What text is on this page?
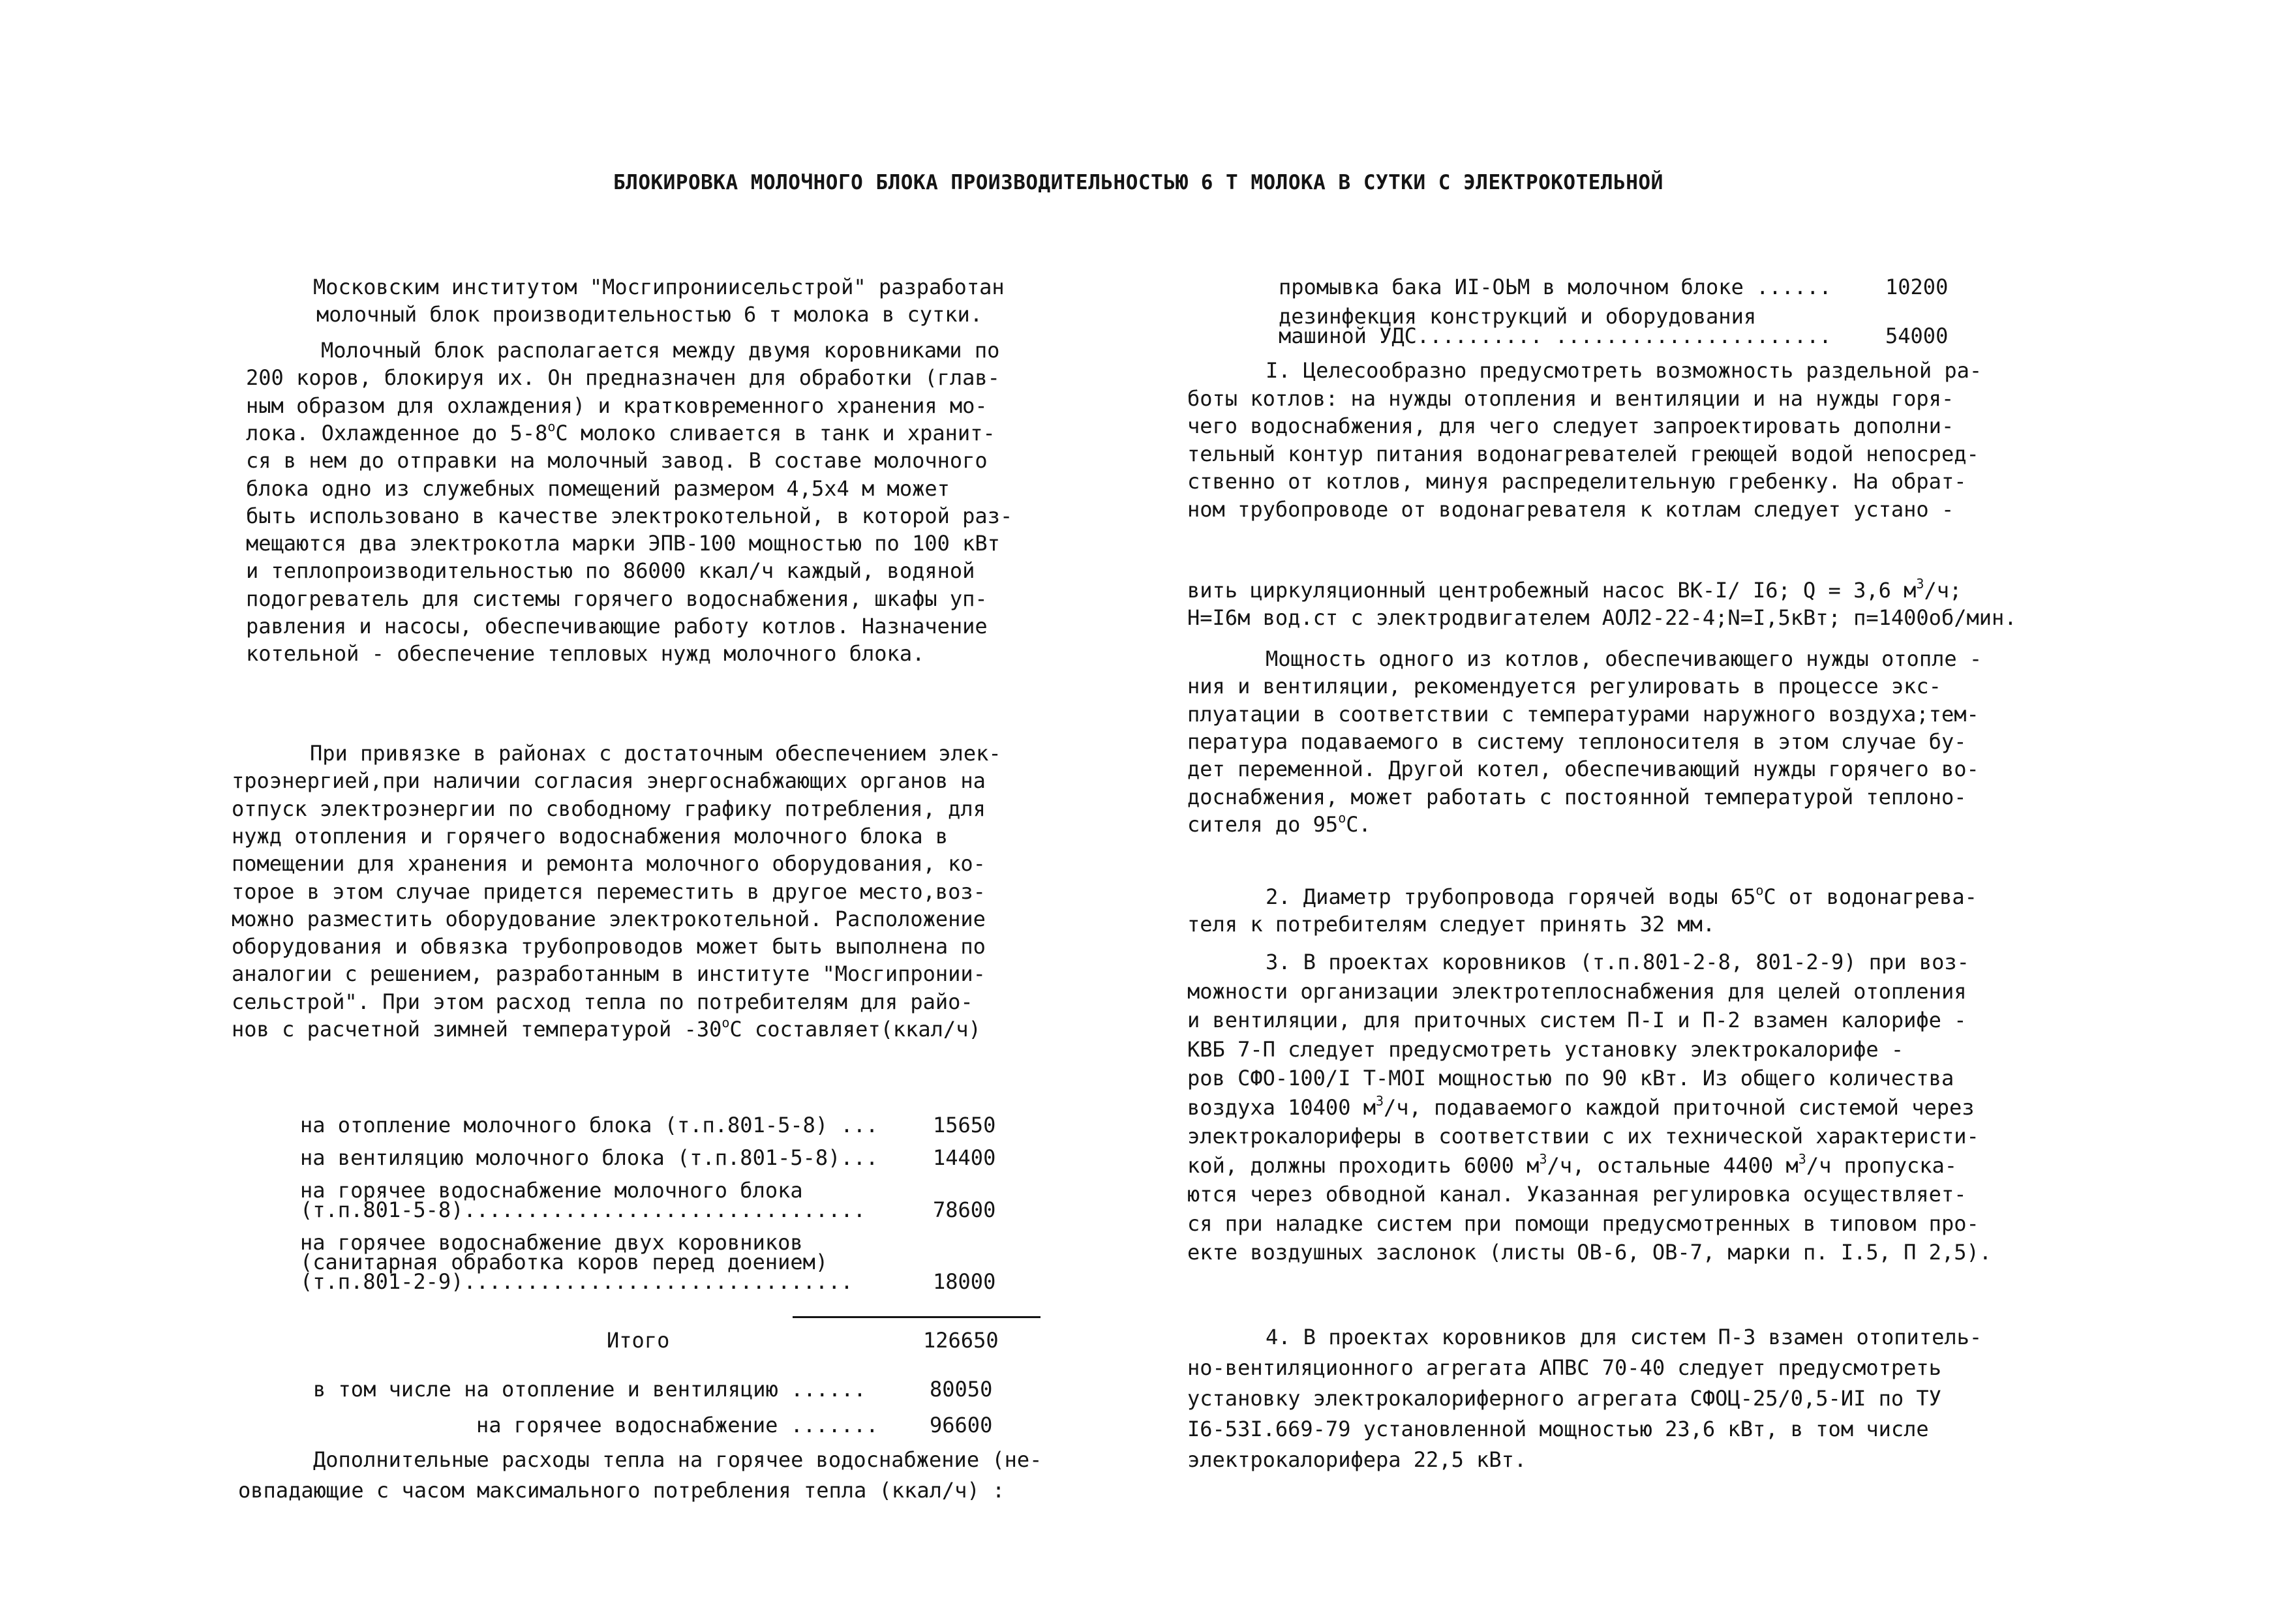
БЛОКИРОВКА МОЛОЧНОГО БЛОКА ПРОИЗВОДИТЕЛЬНОСТЬЮ 6 Т МОЛОКА В СУТКИ С ЭЛЕКТРОКОТЕЛЬНОЙ
Московским институтом "Мосгипрониисельстрой" разработан
молочный блок производительностью 6 т молока в сутки.
Молочный блок располагается между двумя коровниками по
200 коров, блокируя их. Он предназначен для обработки (глав-
ным образом для охлаждения) и кратковременного хранения мо-
лока. Охлажденное до 5-8$^o$С молоко сливается в танк и хранит-
ся в нем до отправки на молочный завод. В составе молочного
блока одно из служебных помещений размером 4,5х4 м может
быть использовано в качестве электрокотельной, в которой раз-
мещаются два электрокотла марки ЭПВ-100 мощностью по 100 кВт
и теплопроизводительностью по 86000 ккал/ч каждый, водяной
подогреватель для системы горячего водоснабжения, шкафы уп-
равления и насосы, обеспечивающие работу котлов. Назначение
котельной - обеспечение тепловых нужд молочного блока.
При привязке в районах с достаточным обеспечением элек-
троэнергией,при наличии согласия энергоснабжающих органов на
отпуск электроэнергии по свободному графику потребления, для
нужд отопления и горячего водоснабжения молочного блока в
помещении для хранения и ремонта молочного оборудования, ко-
торое в этом случае придется переместить в другое место,воз-
можно разместить оборудование электрокотельной. Расположение
оборудования и обвязка трубопроводов может быть выполнена по
аналогии с решением, разработанным в институте "Мосгипронии-
сельстрой". При этом расход тепла по потребителям для райо-
нов с расчетной зимней температурой -30$^o$С составляет(ккал/ч)
на отопление молочного блока (т.п.801-5-8) ...	15650
на вентиляцию молочного блока (т.п.801-5-8)...	14400
на горячее водоснабжение молочного блока
(т.п.801-5-8)................................	78600
на горячее водоснабжение двух коровников
(санитарная обработка коров перед доением)
(т.п.801-2-9)...............................	18000
Итого	126650
в том числе на отопление и вентиляцию ......	80050
на горячее водоснабжение ....... 96600
Дополнительные расходы тепла на горячее водоснабжение (не-
овпадающие с часом максимального потребления тепла (ккал/ч) :
промывка бака ИI-ОЬМ в молочном блоке ......	10200
дезинфекция конструкций и оборудования
машиной УДС.......... ......................	54000
I. Целесообразно предусмотреть возможность раздельной ра-
боты котлов: на нужды отопления и вентиляции и на нужды горя-
чего водоснабжения, для чего следует запроектировать дополни-
тельный контур питания водонагревателей греющей водой непосред-
ственно от котлов, минуя распределительную гребенку. На обрат-
ном трубопроводе от водонагревателя к котлам следует устано -
вить циркуляционный центробежный насос ВК-I/ I6; Q = 3,6 $м^3/ч$;
Н=I6м вод.ст с электродвигателем АОЛ2-22-4;N=I,5кВт; п=1400об/мин.
Мощность одного из котлов, обеспечивающего нужды отопле -
ния и вентиляции, рекомендуется регулировать в процессе экс-
плуатации в соответствии с температурами наружного воздуха;тем-
пература подаваемого в систему теплоносителя в этом случае бу-
дет переменной. Другой котел, обеспечивающий нужды горячего во-
доснабжения, может работать с постоянной температурой теплоно-
сителя до 95$^o$С.
2. Диаметр трубопровода горячей воды 65$^o$С от водонагрева-
теля к потребителям следует принять 32 мм.
3. В проектах коровников (т.п.801-2-8, 801-2-9) при воз-
можности организации электротеплоснабжения для целей отопления
и вентиляции, для приточных систем П-I и П-2 взамен калорифе -
КВБ 7-П следует предусмотреть установку электрокалорифе -
ров СФО-100/I Т-МОI мощностью по 90 кВт. Из общего количества
воздуха 10400 $м^3/ч$, подаваемого каждой приточной системой через
электрокалориферы в соответствии с их технической характеристи-
кой, должны проходить 6000 $м^3/ч$, остальные 4400 $м^3/ч$ пропуска-
ются через обводной канал. Указанная регулировка осуществляет-
ся при наладке систем при помощи предусмотренных в типовом про-
екте воздушных заслонок (листы ОВ-6, ОВ-7, марки п. I.5, П 2,5).
4. В проектах коровников для систем П-3 взамен отопитель-
но-вентиляционного агрегата АПВС 70-40 следует предусмотреть
установку электрокалориферного агрегата СФОЦ-25/0,5-ИI по ТУ
I6-53I.669-79 установленной мощностью 23,6 кВт, в том числе
электрокалорифера 22,5 кВт.
